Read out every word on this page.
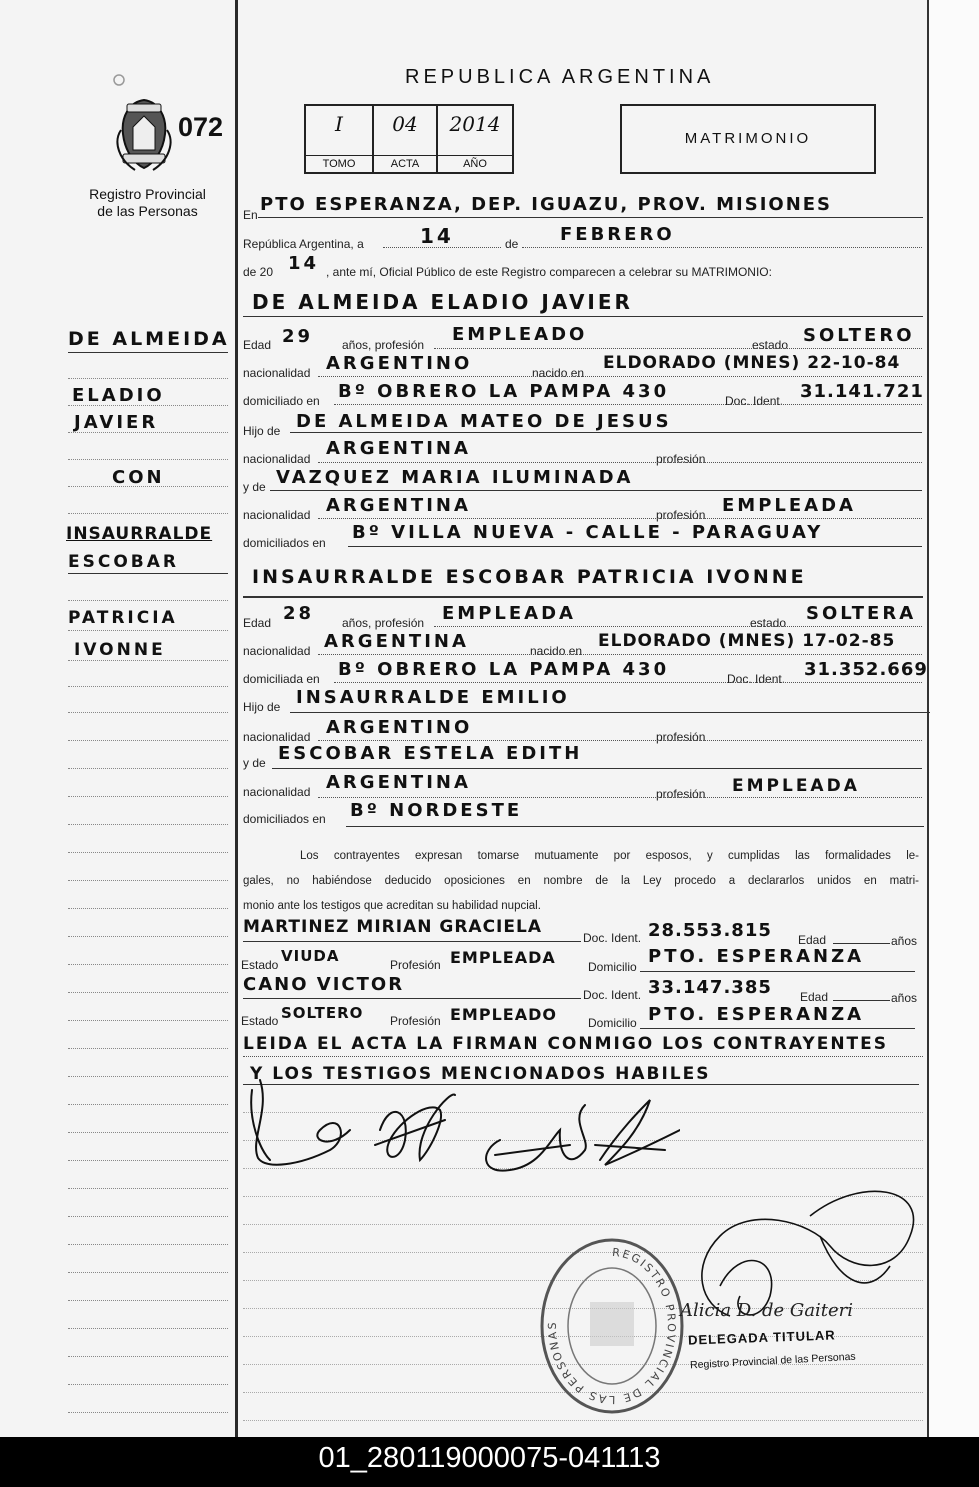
REPUBLICA ARGENTINA
072
Registro Provincial
de las Personas
I
TOMO
04
ACTA
2014
AÑO
MATRIMONIO
DE ALMEIDA
ELADIO
JAVIER
CON
INSAURRALDE
ESCOBAR
PATRICIA
IVONNE
En PTO ESPERANZA, DEP. IGUAZU, PROV. MISIONES
República Argentina, a	14	de FEBRERO
de 20 14 , ante mí, Oficial Público de este Registro comparecen a celebrar su MATRIMONIO:
DE ALMEIDA ELADIO JAVIER
Edad 29 años, profesión EMPLEADO	estado SOLTERO
nacionalidad ARGENTINO	nacido en ELDORADO (MNES) 22-10-84
domiciliado en Bº OBRERO LA PAMPA 430	Doc. Ident. 31.141.721
Hijo de DE ALMEIDA MATEO DE JESUS
nacionalidad ARGENTINA	profesión
y de VAZQUEZ MARIA ILUMINADA
nacionalidad ARGENTINA	profesión EMPLEADA
domiciliados en Bº VILLA NUEVA - CALLE - PARAGUAY
INSAURRALDE ESCOBAR PATRICIA IVONNE
Edad 28 años, profesión EMPLEADA	estado SOLTERA
nacionalidad ARGENTINA	nacido en ELDORADO (MNES) 17-02-85
domiciliada en Bº OBRERO LA PAMPA 430	Doc. Ident. 31.352.669
Hijo de INSAURRALDE EMILIO
nacionalidad ARGENTINO	profesión
y de ESCOBAR ESTELA EDITH
nacionalidad ARGENTINA
profesión EMPLEADA
domiciliados en Bº NORDESTE
Los contrayentes expresan tomarse mutuamente por esposos, y cumplidas las formalidades le-
gales, no habiéndose deducido oposiciones en nombre de la Ley procedo a declararlos unidos en matri-
monio ante los testigos que acreditan su habilidad nupcial.
MARTINEZ MIRIAN GRACIELA
Doc. Ident. 28.553.815 Edad	años
Estado VIUDA	Profesión EMPLEADA	Domicilio PTO. ESPERANZA
CANO VICTOR	Doc. Ident. 33.147.385 Edad	años
Estado SOLTERO Profesión EMPLEADO	Domicilio PTO. ESPERANZA
LEIDA EL ACTA LA FIRMAN CONMIGO LOS CONTRAYENTES
Y LOS TESTIGOS MENCIONADOS HABILES
REGISTRO PROVINCIAL DE LAS PERSONAS
Alicia D. de Gaiteri
DELEGADA TITULAR
Registro Provincial de las Personas
01_280119000075-041113
